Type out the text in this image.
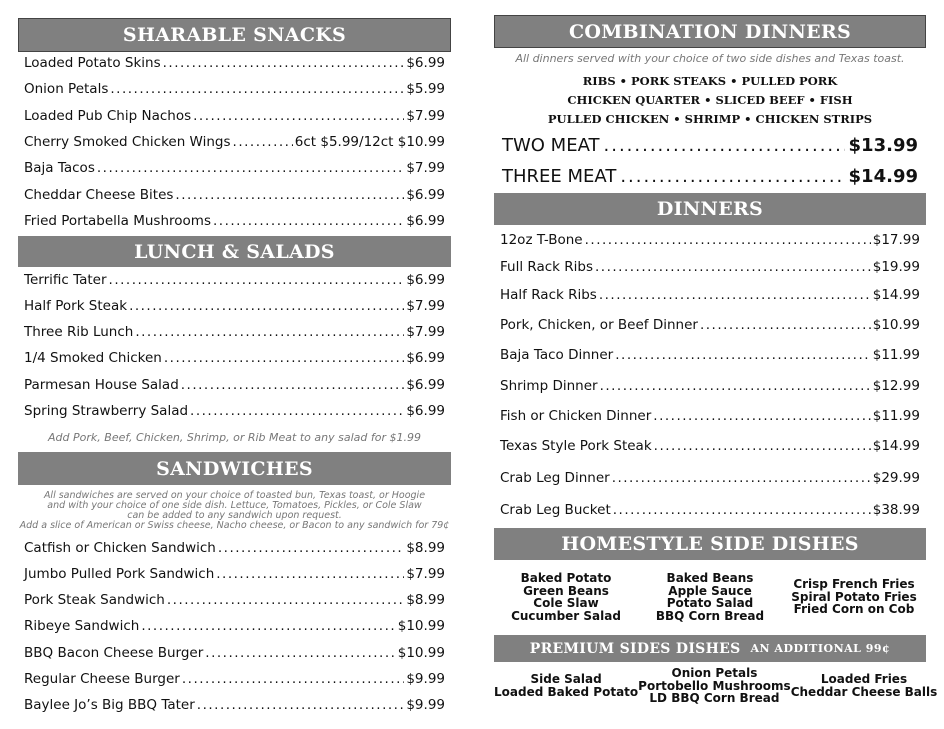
SHARABLE SNACKS
Loaded Potato Skins .....	$6.99
Onion Petals .....	$5.99
Loaded Pub Chip Nachos .....	$7.99
Cherry Smoked Chicken Wings .....	6ct $5.99/12ct $10.99
Baja Tacos .....	$7.99
Cheddar Cheese Bites .....	$6.99
Fried Portabella Mushrooms .....	$6.99
LUNCH & SALADS
Terrific Tater .....	$6.99
Half Pork Steak .....	$7.99
Three Rib Lunch .....	$7.99
1/4 Smoked Chicken .....	$6.99
Parmesan House Salad .....	$6.99
Spring Strawberry Salad .....	$6.99
Add Pork, Beef, Chicken, Shrimp, or Rib Meat to any salad for $1.99
SANDWICHES
All sandwiches are served on your choice of toasted bun, Texas toast, or Hoogie
and with your choice of one side dish. Lettuce, Tomatoes, Pickles, or Cole Slaw
can be added to any sandwich upon request.
Add a slice of American or Swiss cheese, Nacho cheese, or Bacon to any sandwich for 79¢
Catfish or Chicken Sandwich .....	$8.99
Jumbo Pulled Pork Sandwich .....	$7.99
Pork Steak Sandwich .....	$8.99
Ribeye Sandwich .....	$10.99
BBQ Bacon Cheese Burger .....	$10.99
Regular Cheese Burger .....	$9.99
Baylee Jo’s Big BBQ Tater .....	$9.99
COMBINATION DINNERS
All dinners served with your choice of two side dishes and Texas toast.
RIBS • PORK STEAKS • PULLED PORK
CHICKEN QUARTER • SLICED BEEF • FISH
PULLED CHICKEN • SHRIMP • CHICKEN STRIPS
TWO MEAT .....	$13.99
THREE MEAT .....	$14.99
DINNERS
12oz T-Bone .....	$17.99
Full Rack Ribs .....	$19.99
Half Rack Ribs .....	$14.99
Pork, Chicken, or Beef Dinner .....	$10.99
Baja Taco Dinner .....	$11.99
Shrimp Dinner .....	$12.99
Fish or Chicken Dinner .....	$11.99
Texas Style Pork Steak .....	$14.99
Crab Leg Dinner .....	$29.99
Crab Leg Bucket .....	$38.99
HOMESTYLE SIDE DISHES
Baked Potato
Green Beans
Cole Slaw
Cucumber Salad
Baked Beans
Apple Sauce
Potato Salad
BBQ Corn Bread
Crisp French Fries
Spiral Potato Fries
Fried Corn on Cob
PREMIUM SIDES DISHES AN ADDITIONAL 99¢
Side Salad
Loaded Baked Potato
Onion Petals
Portobello Mushrooms
LD BBQ Corn Bread
Loaded Fries
Cheddar Cheese Balls
